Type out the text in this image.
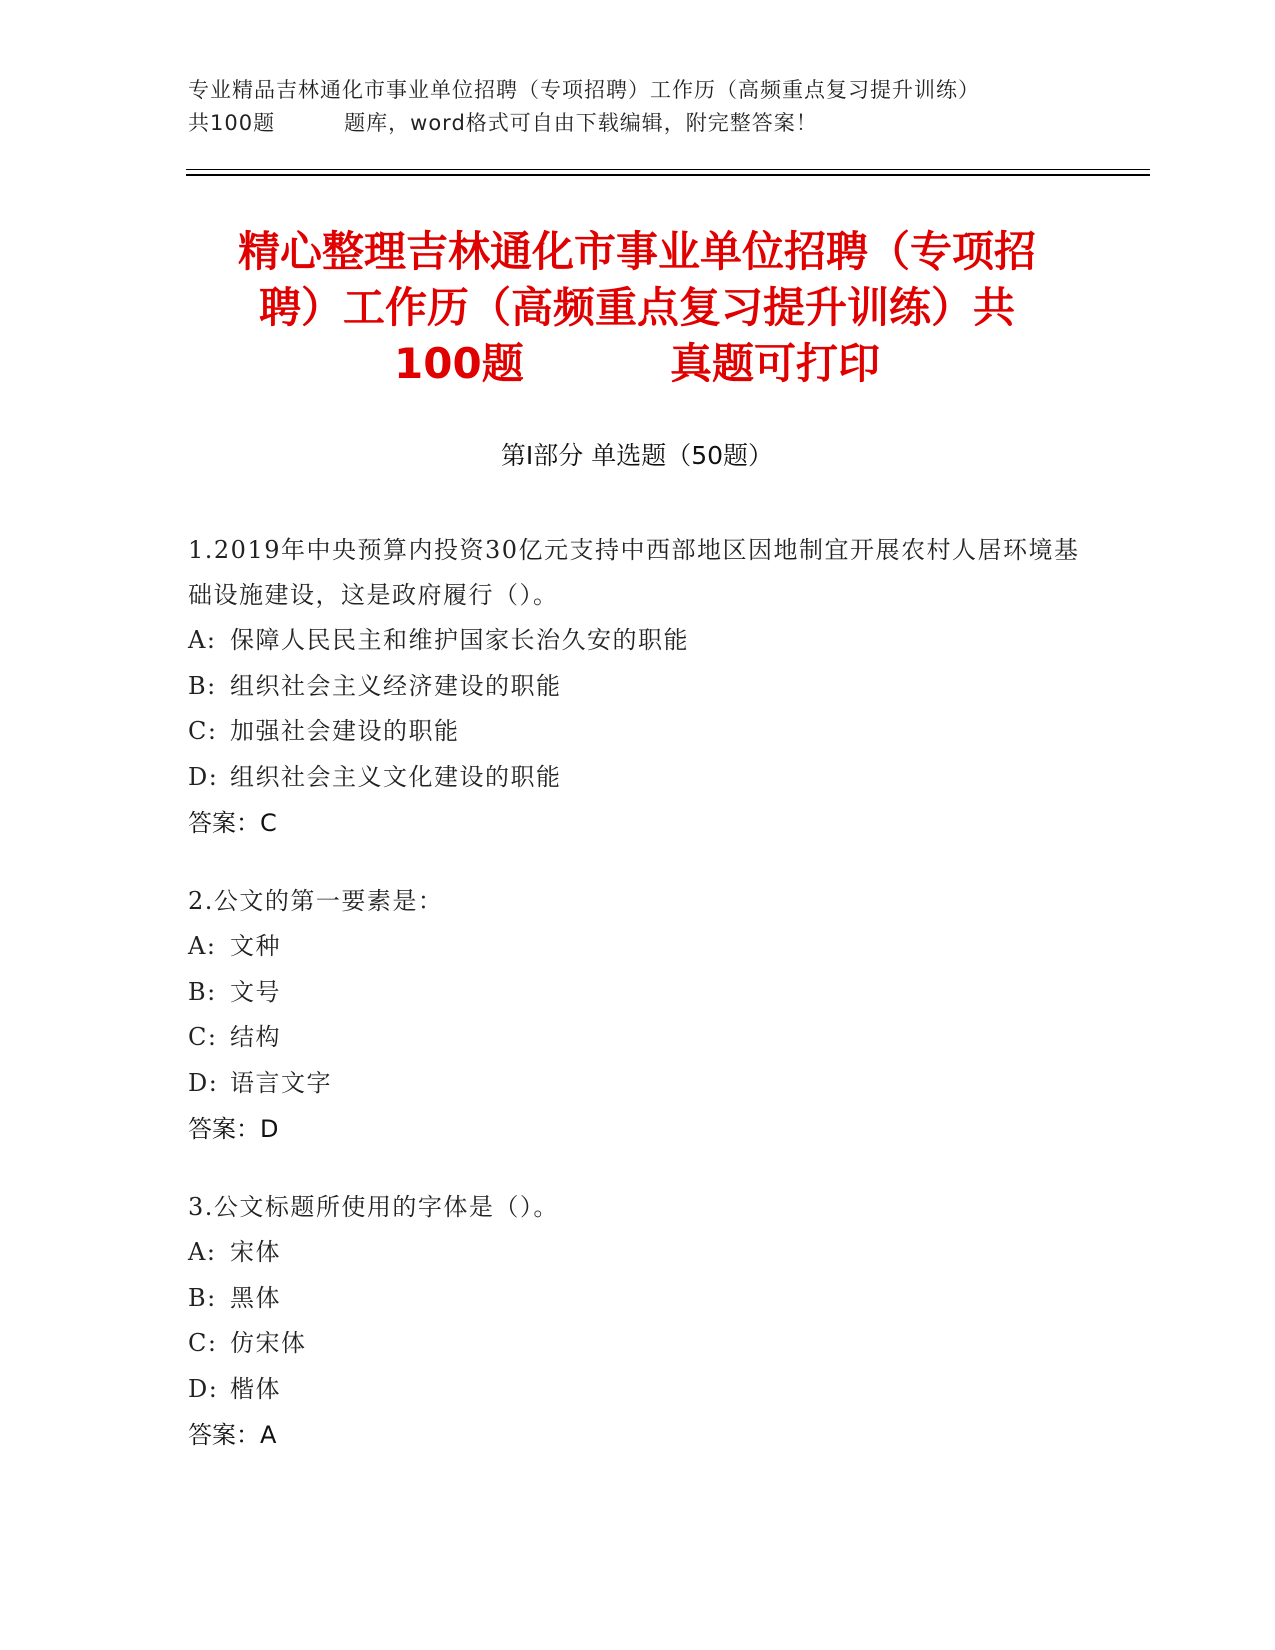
专业精品吉林通化市事业单位招聘（专项招聘）工作历（高频重点复习提升训练）
共100题         题库，word格式可自由下载编辑，附完整答案！
精心整理吉林通化市事业单位招聘（专项招
聘）工作历（高频重点复习提升训练）共
100题          真题可打印
第Ⅰ部分 单选题（50题）
1.2019年中央预算内投资30亿元支持中西部地区因地制宜开展农村人居环境基础设施建设，这是政府履行（）。
A: 保障人民民主和维护国家长治久安的职能
B: 组织社会主义经济建设的职能
C: 加强社会建设的职能
D: 组织社会主义文化建设的职能
答案：C
2.公文的第一要素是：
A: 文种
B: 文号
C: 结构
D: 语言文字
答案：D
3.公文标题所使用的字体是（）。
A: 宋体
B: 黑体
C: 仿宋体
D: 楷体
答案：A
